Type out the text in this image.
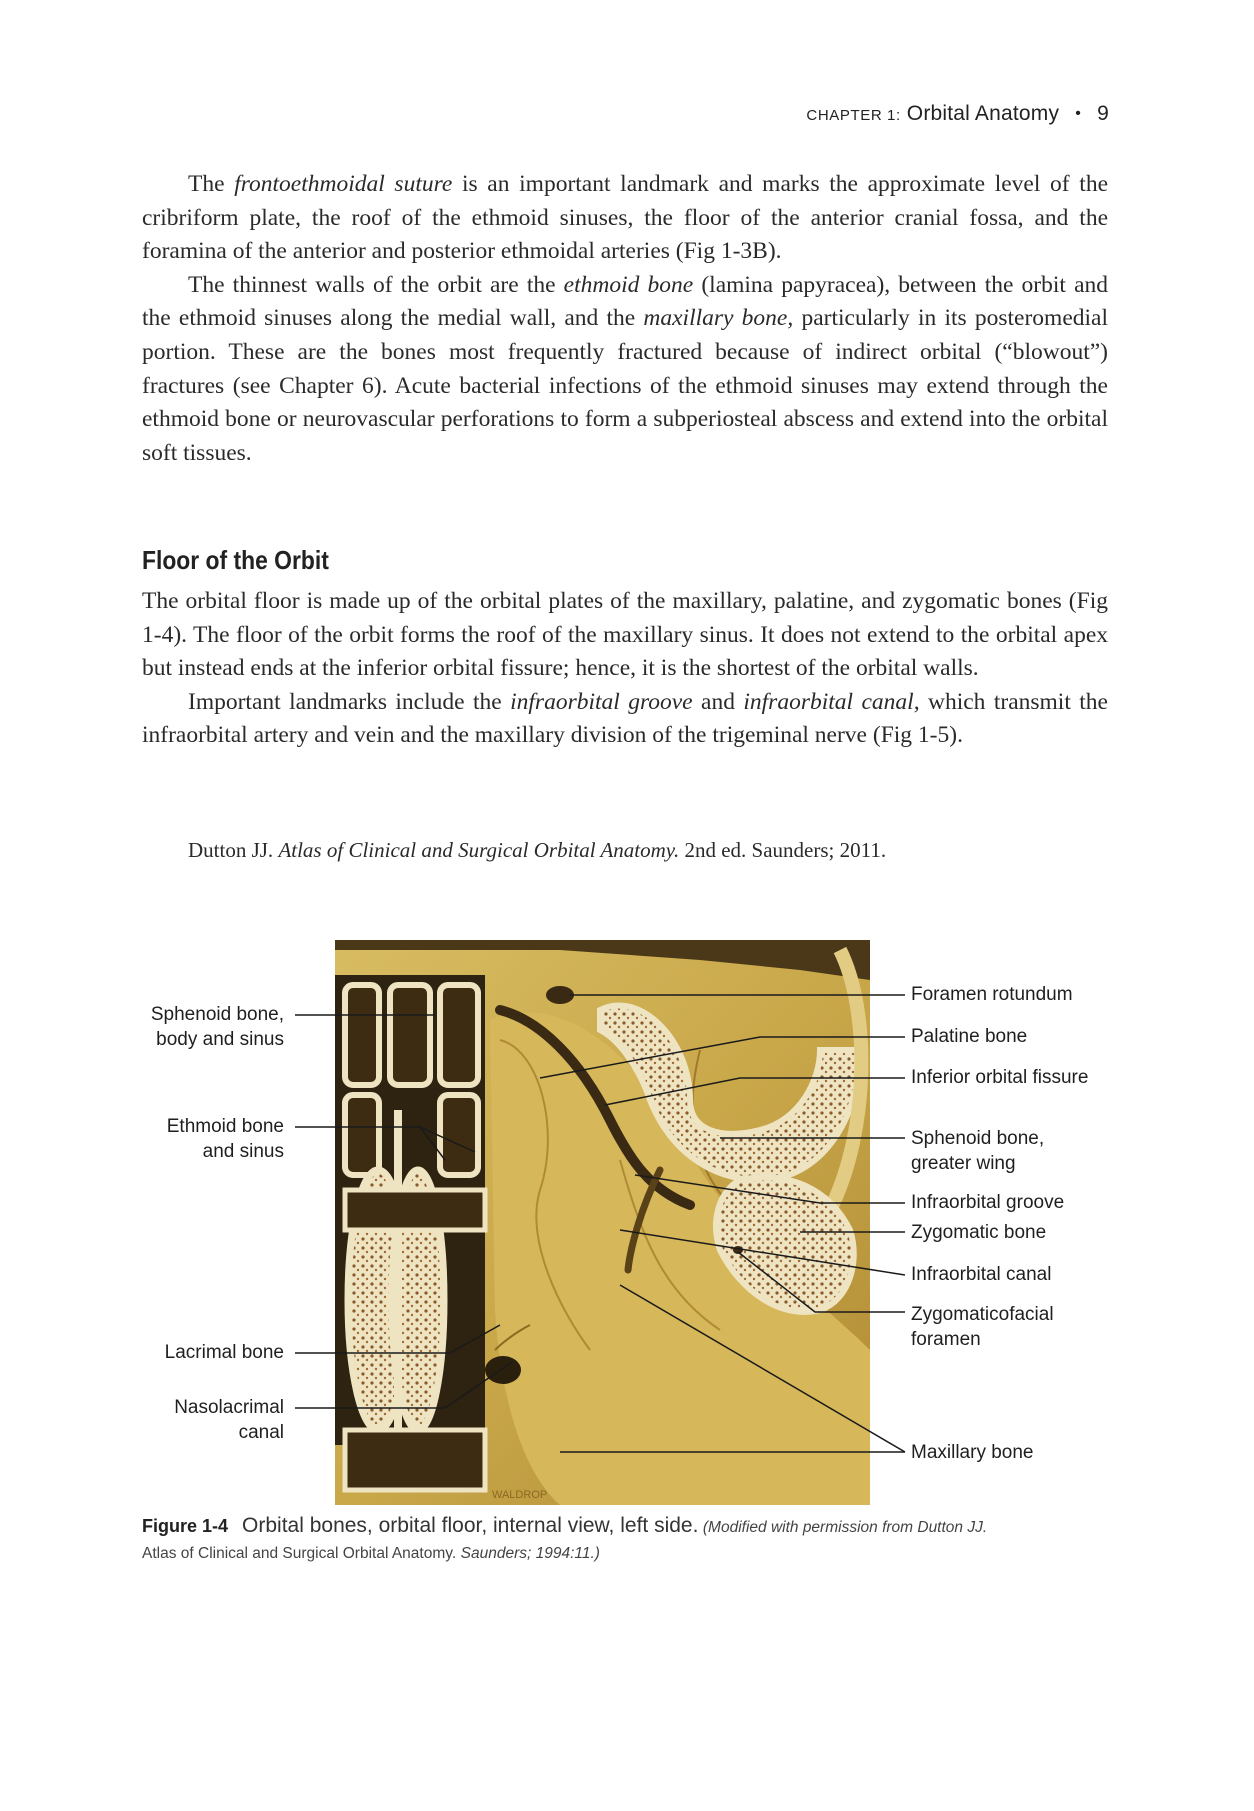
CHAPTER 1: Orbital Anatomy • 9

The frontoethmoidal suture is an important landmark and marks the approximate level of the cribriform plate, the roof of the ethmoid sinuses, the floor of the anterior cranial fossa, and the foramina of the anterior and posterior ethmoidal arteries (Fig 1-3B).

The thinnest walls of the orbit are the ethmoid bone (lamina papyracea), between the orbit and the ethmoid sinuses along the medial wall, and the maxillary bone, particularly in its posteromedial portion. These are the bones most frequently fractured because of indirect orbital (“blowout”) fractures (see Chapter 6). Acute bacterial infections of the ethmoid sinuses may extend through the ethmoid bone or neurovascular perforations to form a subperiosteal abscess and extend into the orbital soft tissues.

Floor of the Orbit

The orbital floor is made up of the orbital plates of the maxillary, palatine, and zygomatic bones (Fig 1-4). The floor of the orbit forms the roof of the maxillary sinus. It does not extend to the orbital apex but instead ends at the inferior orbital fissure; hence, it is the shortest of the orbital walls.

Important landmarks include the infraorbital groove and infraorbital canal, which transmit the infraorbital artery and vein and the maxillary division of the trigeminal nerve (Fig 1-5).

Dutton JJ. Atlas of Clinical and Surgical Orbital Anatomy. 2nd ed. Saunders; 2011.
WALDROP
Sphenoid bone,
body and sinus
Ethmoid bone
and sinus
Lacrimal bone
Nasolacrimal
canal
Foramen rotundum
Palatine bone
Inferior orbital fissure
Sphenoid bone,
greater wing
Infraorbital groove
Zygomatic bone
Infraorbital canal
Zygomaticofacial
foramen
Maxillary bone
Figure 1-4 Orbital bones, orbital floor, internal view, left side. (Modified with permission from Dutton JJ.
Atlas of Clinical and Surgical Orbital Anatomy. Saunders; 1994:11.)
